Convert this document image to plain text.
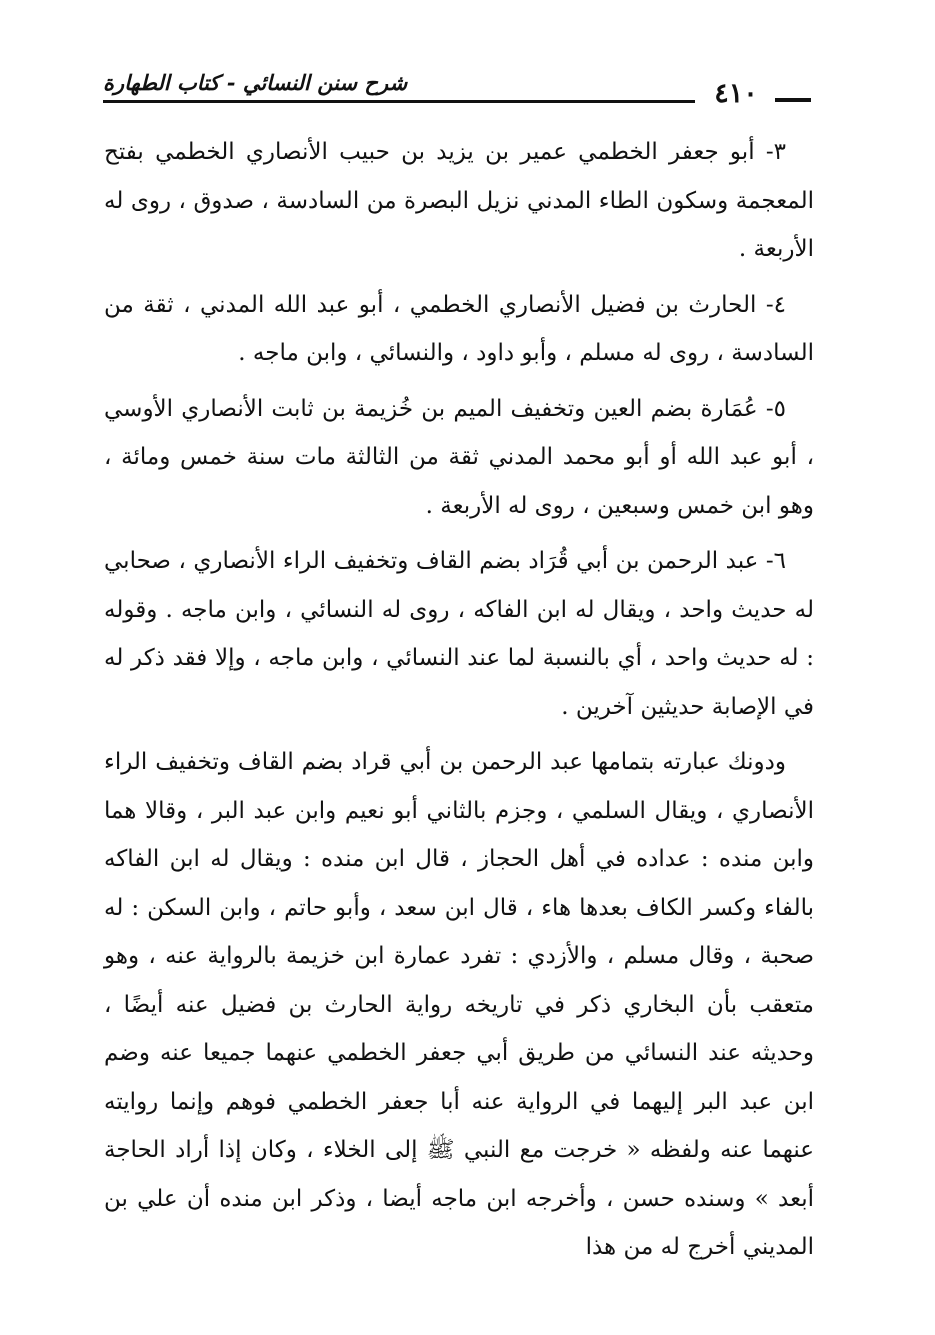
شرح سنن النسائي - كتاب الطهارة	٤١٠

٣- أبو جعفر الخطمي عمير بن يزيد بن حبيب الأنصاري الخطمي بفتح المعجمة وسكون الطاء المدني نزيل البصرة من السادسة ، صدوق ، روى له الأربعة .

٤- الحارث بن فضيل الأنصاري الخطمي ، أبو عبد الله المدني ، ثقة من السادسة ، روى له مسلم ، وأبو داود ، والنسائي ، وابن ماجه .

٥- عُمَارة بضم العين وتخفيف الميم بن خُزيمة بن ثابت الأنصاري الأوسي ، أبو عبد الله أو أبو محمد المدني ثقة من الثالثة مات سنة خمس ومائة ، وهو ابن خمس وسبعين ، روى له الأربعة .

٦- عبد الرحمن بن أبي قُرَاد بضم القاف وتخفيف الراء الأنصاري ، صحابي له حديث واحد ، ويقال له ابن الفاكه ، روى له النسائي ، وابن ماجه . وقوله : له حديث واحد ، أي بالنسبة لما عند النسائي ، وابن ماجه ، وإلا فقد ذكر له في الإصابة حديثين آخرين .

ودونك عبارته بتمامها عبد الرحمن بن أبي قراد بضم القاف وتخفيف الراء الأنصاري ، ويقال السلمي ، وجزم بالثاني أبو نعيم وابن عبد البر ، وقالا هما وابن منده : عداده في أهل الحجاز ، قال ابن منده : ويقال له ابن الفاكه بالفاء وكسر الكاف بعدها هاء ، قال ابن سعد ، وأبو حاتم ، وابن السكن : له صحبة ، وقال مسلم ، والأزدي : تفرد عمارة ابن خزيمة بالرواية عنه ، وهو متعقب بأن البخاري ذكر في تاريخه رواية الحارث بن فضيل عنه أيضًا ، وحديثه عند النسائي من طريق أبي جعفر الخطمي عنهما جميعا عنه وضم ابن عبد البر إليهما في الرواية عنه أبا جعفر الخطمي فوهم وإنما روايته عنهما عنه ولفظه « خرجت مع النبي ﷺ إلى الخلاء ، وكان إذا أراد الحاجة أبعد » وسنده حسن ، وأخرجه ابن ماجه أيضا ، وذكر ابن منده أن علي بن المديني أخرج له من هذا
